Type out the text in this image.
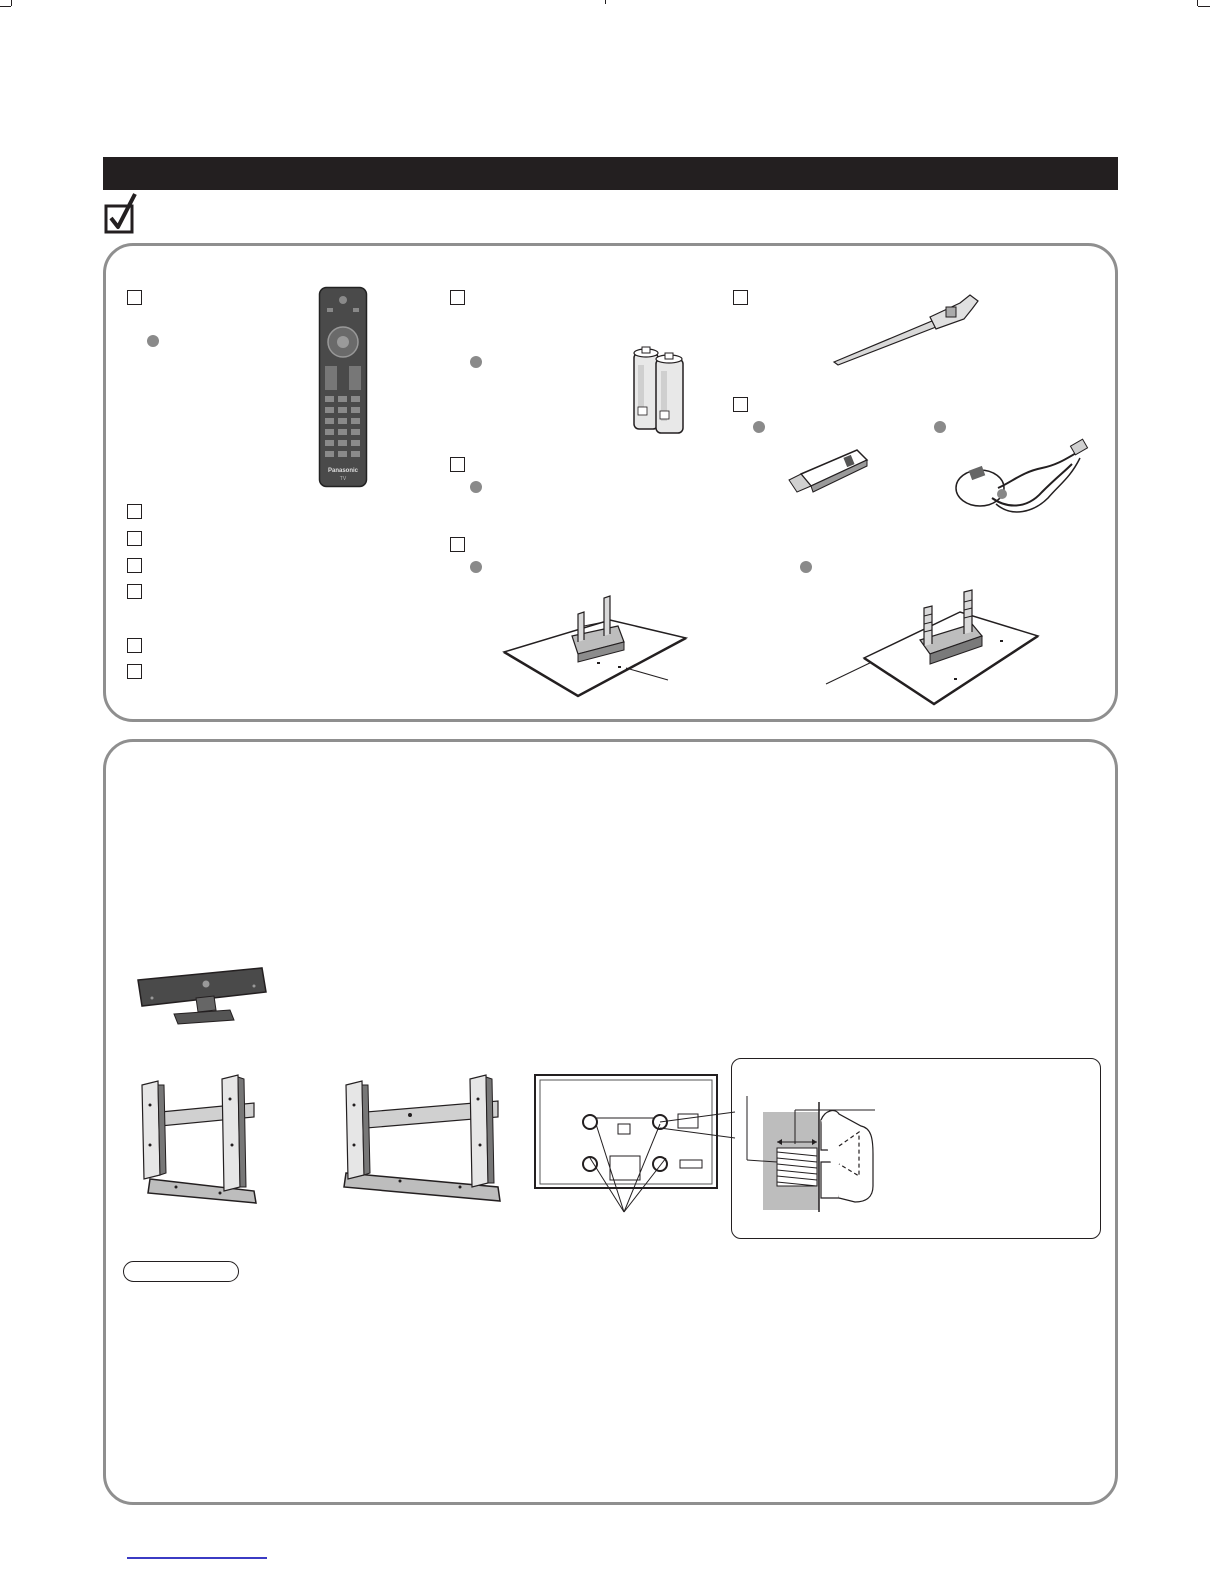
Panasonic
TV
